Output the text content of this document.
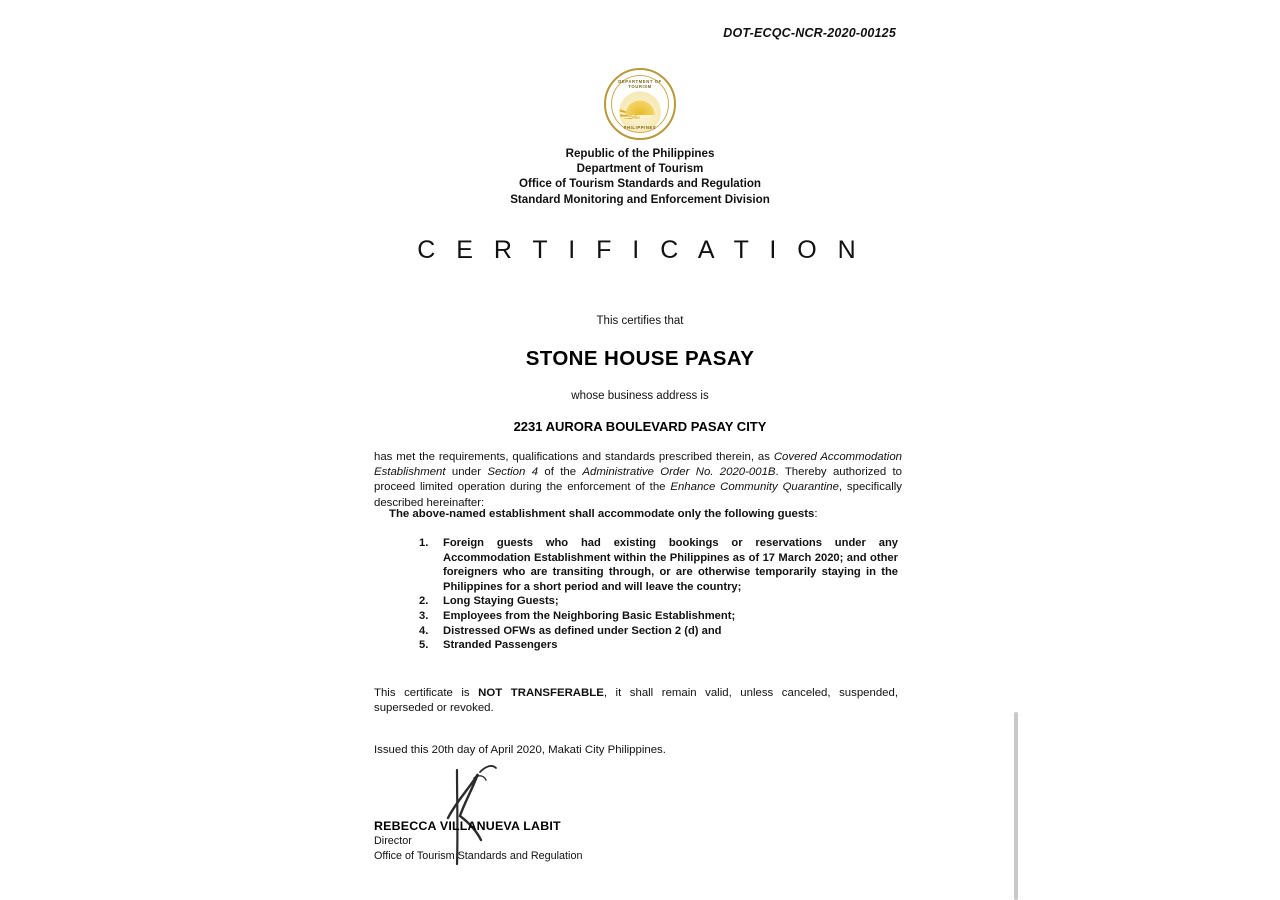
DOT-ECQC-NCR-2020-00125
DEPARTMENT OF TOURISM
PHILIPPINES
Republic of the Philippines
Department of Tourism
Office of Tourism Standards and Regulation
Standard Monitoring and Enforcement Division
C E R T I F I C A T I O N
This certifies that
STONE HOUSE PASAY
whose business address is
2231 AURORA BOULEVARD PASAY CITY
has met the requirements, qualifications and standards prescribed therein, as Covered Accommodation Establishment under Section 4 of the Administrative Order No. 2020-001B. Thereby authorized to proceed limited operation during the enforcement of the Enhance Community Quarantine, specifically described hereinafter:
The above-named establishment shall accommodate only the following guests:
1. Foreign guests who had existing bookings or reservations under any Accommodation Establishment within the Philippines as of 17 March 2020; and other foreigners who are transiting through, or are otherwise temporarily staying in the Philippines for a short period and will leave the country;
2. Long Staying Guests;
3. Employees from the Neighboring Basic Establishment;
4. Distressed OFWs as defined under Section 2 (d) and
5. Stranded Passengers
This certificate is NOT TRANSFERABLE, it shall remain valid, unless canceled, suspended, superseded or revoked.
Issued this 20th day of April 2020, Makati City Philippines.
REBECCA VILLANUEVA LABIT
Director
Office of Tourism Standards and Regulation
